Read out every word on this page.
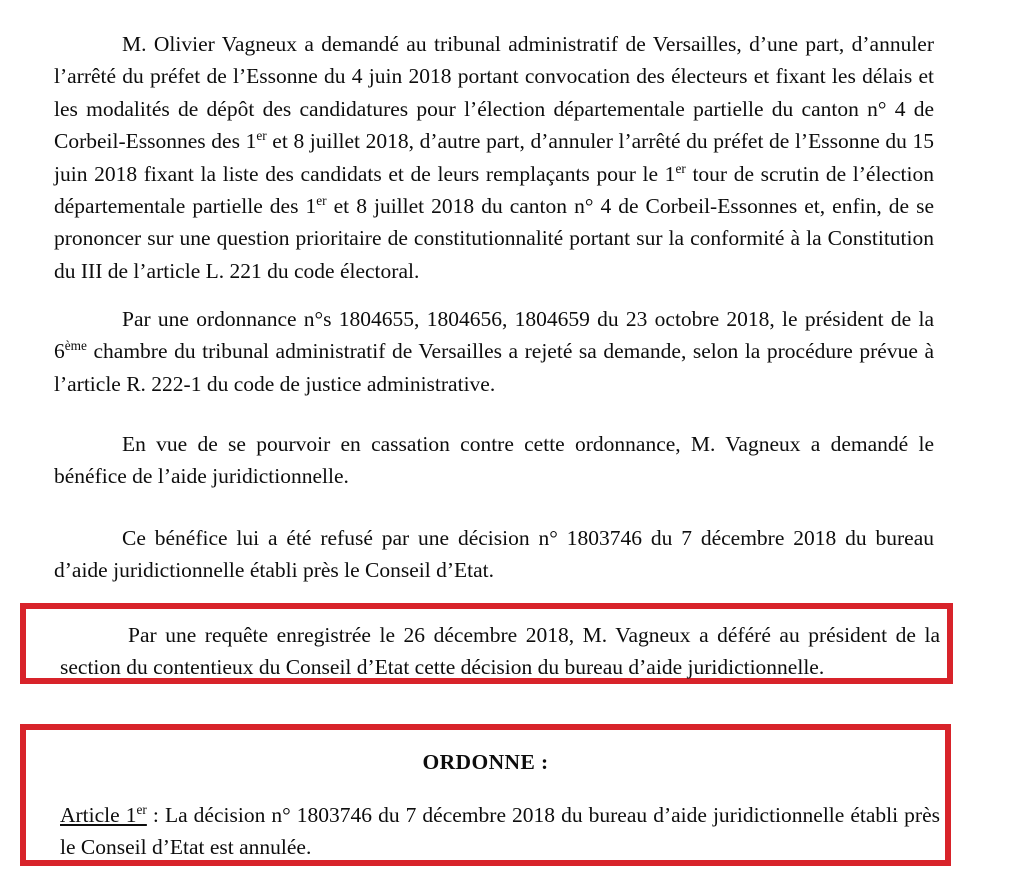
M. Olivier Vagneux a demandé au tribunal administratif de Versailles, d’une part, d’annuler l’arrêté du préfet de l’Essonne du 4 juin 2018 portant convocation des électeurs et fixant les délais et les modalités de dépôt des candidatures pour l’élection départementale partielle du canton n° 4 de Corbeil-Essonnes des 1er et 8 juillet 2018, d’autre part, d’annuler l’arrêté du préfet de l’Essonne du 15 juin 2018 fixant la liste des candidats et de leurs remplaçants pour le 1er tour de scrutin de l’élection départementale partielle des 1er et 8 juillet 2018 du canton n° 4 de Corbeil-Essonnes et, enfin, de se prononcer sur une question prioritaire de constitutionnalité portant sur la conformité à la Constitution du III de l’article L. 221 du code électoral.

Par une ordonnance n°s 1804655, 1804656, 1804659 du 23 octobre 2018, le président de la 6ème chambre du tribunal administratif de Versailles a rejeté sa demande, selon la procédure prévue à l’article R. 222-1 du code de justice administrative.

En vue de se pourvoir en cassation contre cette ordonnance, M. Vagneux a demandé le bénéfice de l’aide juridictionnelle.

Ce bénéfice lui a été refusé par une décision n° 1803746 du 7 décembre 2018 du bureau d’aide juridictionnelle établi près le Conseil d’Etat.

Par une requête enregistrée le 26 décembre 2018, M. Vagneux a déféré au président de la section du contentieux du Conseil d’Etat cette décision du bureau d’aide juridictionnelle.

ORDONNE :

Article 1er : La décision n° 1803746 du 7 décembre 2018 du bureau d’aide juridictionnelle établi près le Conseil d’Etat est annulée.
